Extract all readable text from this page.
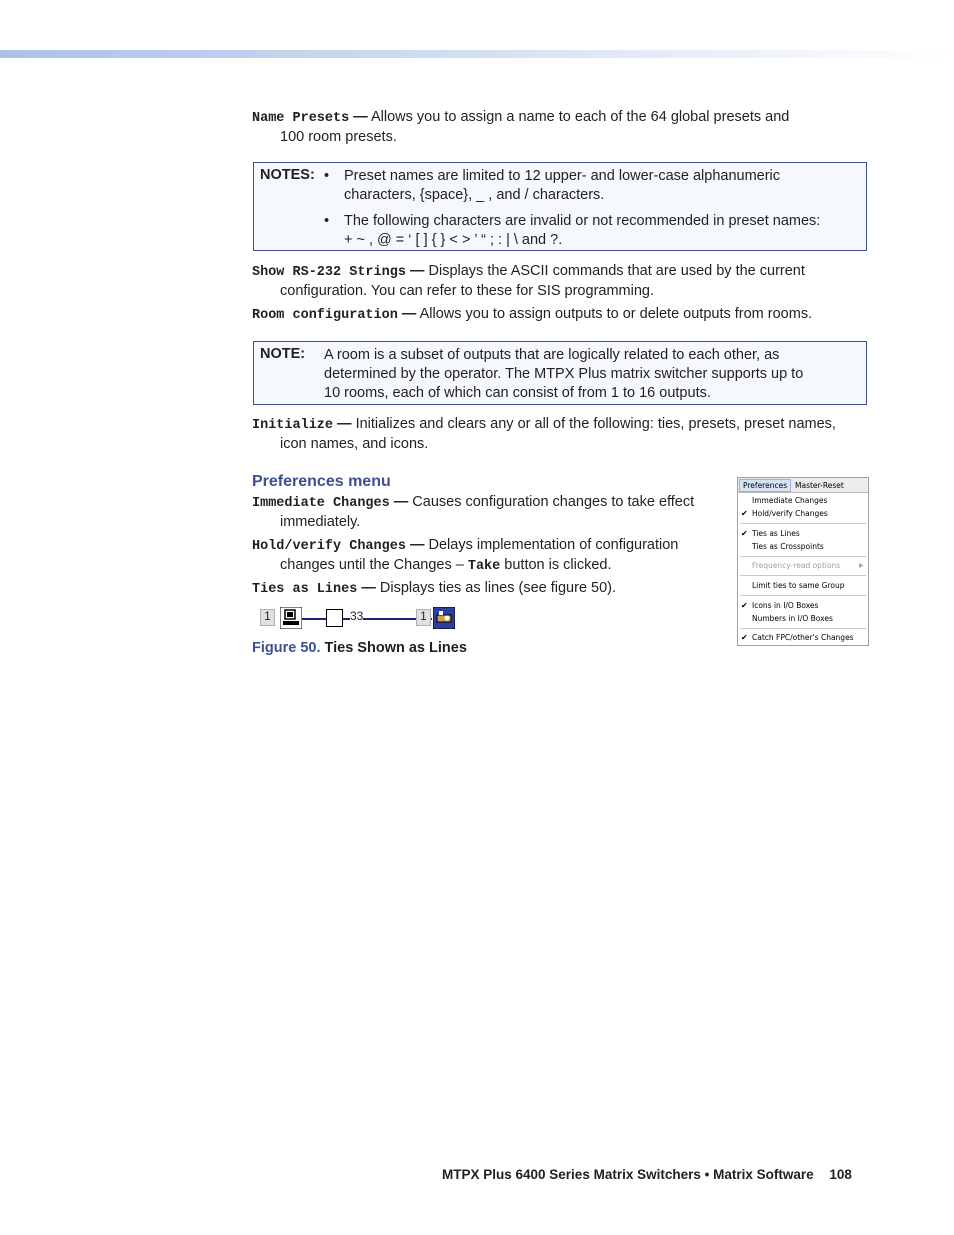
Name Presets — Allows you to assign a name to each of the 64 global presets and
100 room presets.
NOTES: • Preset names are limited to 12 upper- and lower-case alphanumeric
characters, {space}, _ , and / characters.
• The following characters are invalid or not recommended in preset names:
+ ~ , @ = ‘ [ ] { } < > ’ “ ; : | \ and ?.
Show RS-232 Strings — Displays the ASCII commands that are used by the current
configuration. You can refer to these for SIS programming.
Room configuration — Allows you to assign outputs to or delete outputs from rooms.
NOTE: A room is a subset of outputs that are logically related to each other, as
determined by the operator. The MTPX Plus matrix switcher supports up to
10 rooms, each of which can consist of from 1 to 16 outputs.
Initialize — Initializes and clears any or all of the following: ties, presets, preset names,
icon names, and icons.
Preferences menu
Immediate Changes — Causes configuration changes to take effect
immediately.
Hold/verify Changes — Delays implementation of configuration
changes until the Changes – Take button is clicked.
Ties as Lines — Displays ties as lines (see figure 50).
1	33	1
Figure 50. Ties Shown as Lines
Preferences	Master-Reset
Immediate Changes
✔ Hold/verify Changes
✔ Ties as Lines
Ties as Crosspoints
Frequency-read options	▶
Limit ties to same Group
✔ Icons in I/O Boxes
Numbers in I/O Boxes
✔ Catch FPC/other's Changes
MTPX Plus 6400 Series Matrix Switchers • Matrix Software 108
